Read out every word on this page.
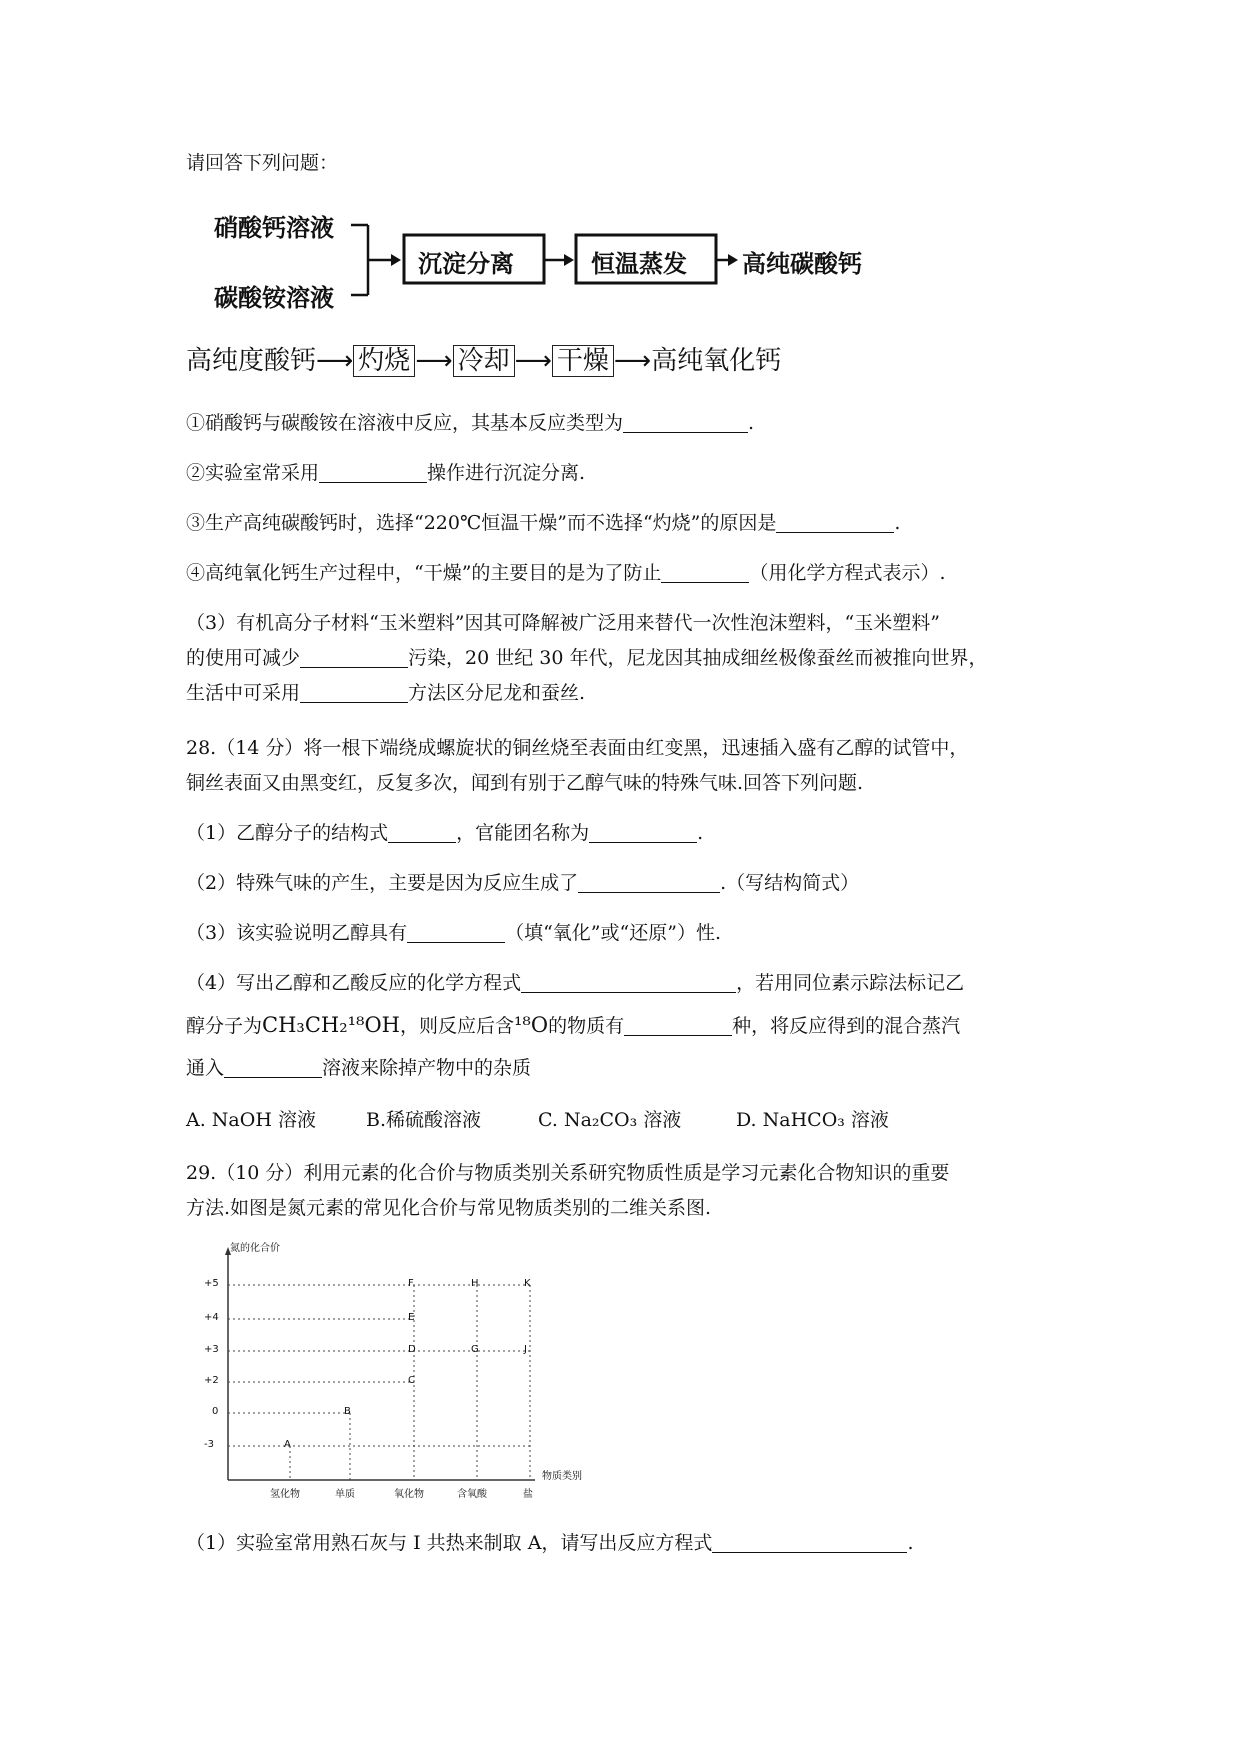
请回答下列问题：
硝酸钙溶液
碳酸铵溶液
沉淀分离	恒温蒸发 高纯碳酸钙
高纯度酸钙⟶ 灼烧 ⟶ 冷却 ⟶ 干燥 ⟶高纯氧化钙
①硝酸钙与碳酸铵在溶液中反应，其基本反应类型为	.
②实验室常采用	操作进行沉淀分离.
③生产高纯碳酸钙时，选择“220℃恒温干燥”而不选择“灼烧”的原因是	.
④高纯氧化钙生产过程中，“干燥”的主要目的是为了防止	（用化学方程式表示）.
（3）有机高分子材料“玉米塑料”因其可降解被广泛用来替代一次性泡沫塑料，“玉米塑料”
的使用可减少	污染，20 世纪 30 年代，尼龙因其抽成细丝极像蚕丝而被推向世界，
生活中可采用	方法区分尼龙和蚕丝.
28.（14 分）将一根下端绕成螺旋状的铜丝烧至表面由红变黑，迅速插入盛有乙醇的试管中，
铜丝表面又由黑变红，反复多次，闻到有别于乙醇气味的特殊气味.回答下列问题.
（1）乙醇分子的结构式	，官能团名称为	.
（2）特殊气味的产生，主要是因为反应生成了	.（写结构简式）
（3）该实验说明乙醇具有	（填“氧化”或“还原”）性.
（4）写出乙醇和乙酸反应的化学方程式	，若用同位素示踪法标记乙
醇分子为CH₃CH₂¹⁸OH，则反应后含¹⁸O的物质有	种，将反应得到的混合蒸汽
通入	溶液来除掉产物中的杂质
A. NaOH 溶液	B.稀硫酸溶液	C. Na₂CO₃ 溶液	D. NaHCO₃ 溶液
29.（10 分）利用元素的化合价与物质类别关系研究物质性质是学习元素化合物知识的重要
方法.如图是氮元素的常见化合价与常见物质类别的二维关系图.
氮的化合价
+5
+4
+3
+2
0
-3
氢化物	单质	氧化物	含氧酸	盐
物质类别
F
E
D
C
B
A
G
H	K
J
（1）实验室常用熟石灰与 I 共热来制取 A，请写出反应方程式	.
